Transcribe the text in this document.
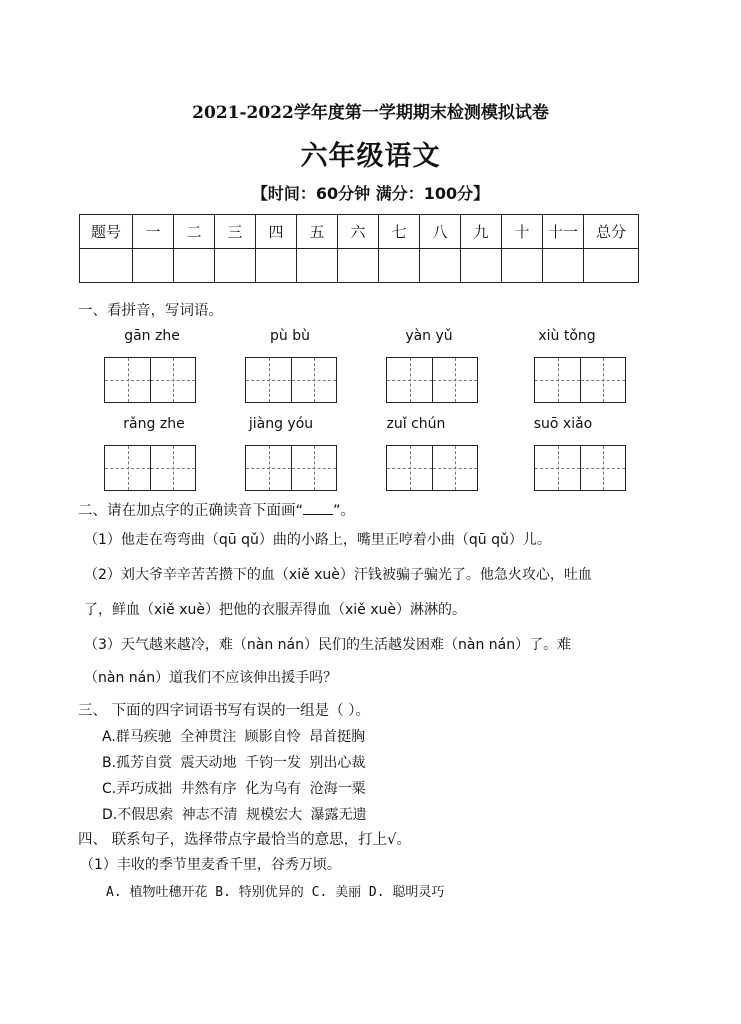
2021-2022学年度第一学期期末检测模拟试卷
六年级语文
【时间：60分钟 满分：100分】
题号	一	二	三	四	五	六	七	八	九	十	十一	总分

一、看拼音，写词语。
gān zhe	pù bù	yàn yǔ	xiù tǒng
rǎng zhe	jiàng yóu	zuǐ chún	suō xiǎo
二、请在加点字的正确读音下面画“ ”。
（1）他走在弯弯曲（qū qǔ）曲的小路上，嘴里正哼着小曲（qū qǔ）儿。
（2）刘大爷辛辛苦苦攒下的血（xiě xuè）汗钱被骗子骗光了。他急火攻心，吐血
了，鲜血（xiě xuè）把他的衣服弄得血（xiě xuè）淋淋的。
（3）天气越来越冷，难（nàn nán）民们的生活越发困难（nàn nán）了。难
（nàn nán）道我们不应该伸出援手吗？
三、 下面的四字词语书写有误的一组是（ ）。
A.群马疾驰 全神贯注 顾影自怜 昂首挺胸
B.孤芳自赏 震天动地 千钧一发 别出心裁
C.弄巧成拙 井然有序 化为乌有 沧海一粟
D.不假思索 神志不清 规模宏大 瀑露无遗
四、 联系句子，选择带点字最恰当的意思，打上√。
（1）丰收的季节里麦香千里，谷秀万顷。
A. 植物吐穗开花 B. 特别优异的 C. 美丽 D. 聪明灵巧
